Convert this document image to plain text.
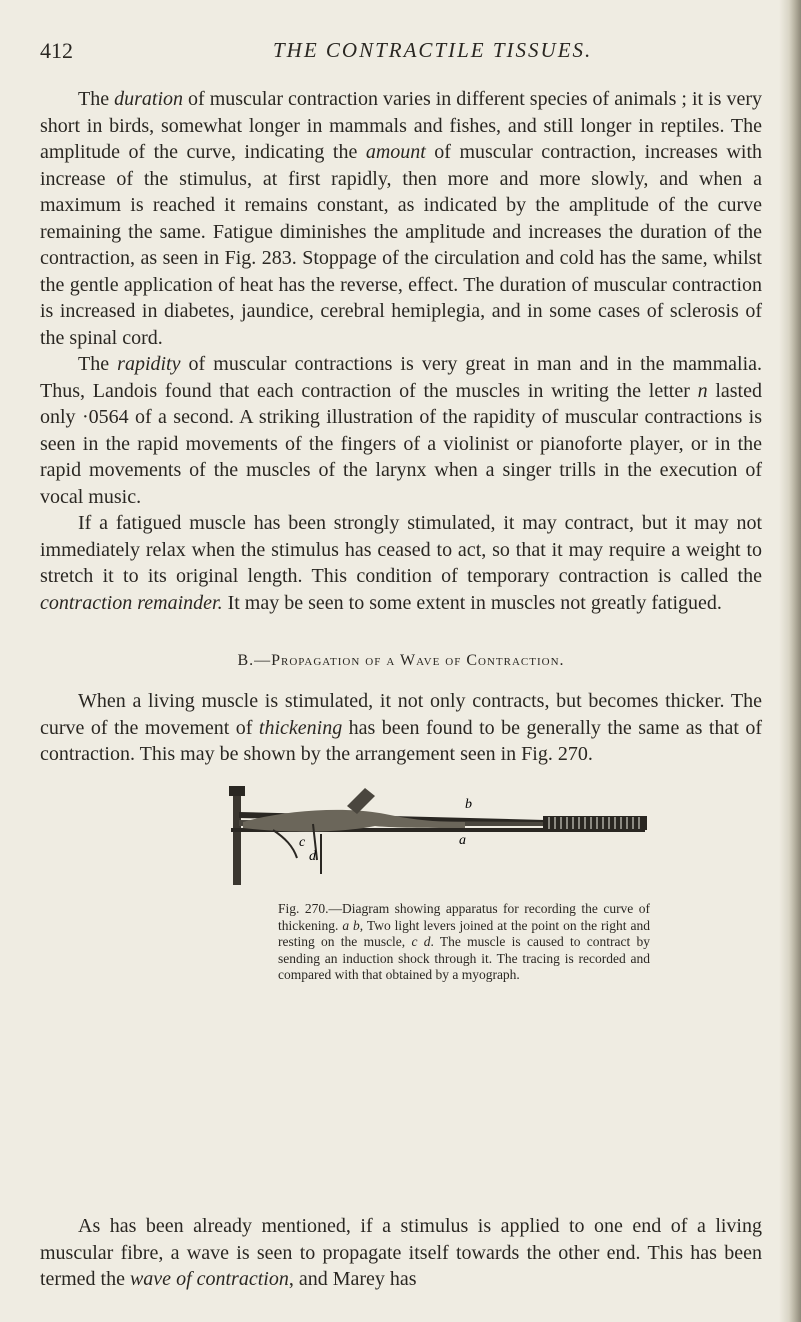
412	THE CONTRACTILE TISSUES.

The duration of muscular contraction varies in different species of animals ; it is very short in birds, somewhat longer in mammals and fishes, and still longer in reptiles. The amplitude of the curve, indicating the amount of muscular contraction, increases with increase of the stimulus, at first rapidly, then more and more slowly, and when a maximum is reached it remains constant, as indicated by the amplitude of the curve remaining the same. Fatigue diminishes the amplitude and increases the duration of the contraction, as seen in Fig. 283. Stoppage of the circulation and cold has the same, whilst the gentle application of heat has the reverse, effect. The duration of muscular contraction is increased in diabetes, jaundice, cerebral hemiplegia, and in some cases of sclerosis of the spinal cord.

The rapidity of muscular contractions is very great in man and in the mammalia. Thus, Landois found that each contraction of the muscles in writing the letter n lasted only ·0564 of a second. A striking illustration of the rapidity of muscular contractions is seen in the rapid movements of the fingers of a violinist or pianoforte player, or in the rapid movements of the muscles of the larynx when a singer trills in the execution of vocal music.

If a fatigued muscle has been strongly stimulated, it may contract, but it may not immediately relax when the stimulus has ceased to act, so that it may require a weight to stretch it to its original length. This condition of temporary contraction is called the contraction remainder. It may be seen to some extent in muscles not greatly fatigued.

B.—Propagation of a Wave of Contraction.

When a living muscle is stimulated, it not only contracts, but becomes thicker. The curve of the movement of thickening has been found to be generally the same as that of contraction. This may be shown by the arrangement seen in Fig. 270.

c
d
b
a
Fig. 270.—Diagram showing apparatus for recording the curve of thickening. a b, Two light levers joined at the point on the right and resting on the muscle, c d. The muscle is caused to contract by sending an induction shock through it. The tracing is recorded and compared with that obtained by a myograph.

As has been already mentioned, if a stimulus is applied to one end of a living muscular fibre, a wave is seen to propagate itself towards the other end. This has been termed the wave of contraction, and Marey has
